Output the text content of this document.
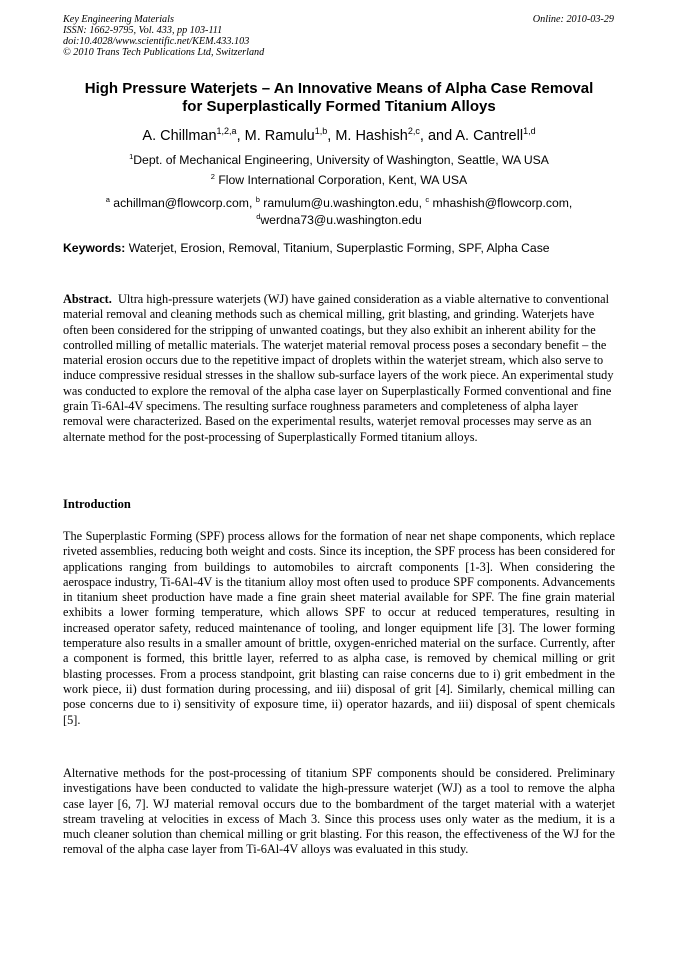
Key Engineering Materials
ISSN: 1662-9795, Vol. 433, pp 103-111
doi:10.4028/www.scientific.net/KEM.433.103
© 2010 Trans Tech Publications Ltd, Switzerland
Online: 2010-03-29
High Pressure Waterjets – An Innovative Means of Alpha Case Removal
for Superplastically Formed Titanium Alloys
A. Chillman$^{1,2,a}$, M. Ramulu$^{1,b}$, M. Hashish$^{2,c}$, and A. Cantrell$^{1,d}$
$^1$Dept. of Mechanical Engineering, University of Washington, Seattle, WA USA
$^2$ Flow International Corporation, Kent, WA USA
$^a$ achillman@flowcorp.com, $^b$ ramulum@u.washington.edu, $^c$ mhashish@flowcorp.com,
$^d$werdna73@u.washington.edu
Keywords: Waterjet, Erosion, Removal, Titanium, Superplastic Forming, SPF, Alpha Case
Abstract. Ultra high-pressure waterjets (WJ) have gained consideration as a viable alternative to conventional material removal and cleaning methods such as chemical milling, grit blasting, and grinding. Waterjets have often been considered for the stripping of unwanted coatings, but they also exhibit an inherent ability for the controlled milling of metallic materials. The waterjet material removal process poses a secondary benefit – the material erosion occurs due to the repetitive impact of droplets within the waterjet stream, which also serve to induce compressive residual stresses in the shallow sub-surface layers of the work piece. An experimental study was conducted to explore the removal of the alpha case layer on Superplastically Formed conventional and fine grain Ti-6Al-4V specimens. The resulting surface roughness parameters and completeness of alpha layer removal were characterized. Based on the experimental results, waterjet removal processes may serve as an alternate method for the post-processing of Superplastically Formed titanium alloys.
Introduction
The Superplastic Forming (SPF) process allows for the formation of near net shape components, which replace riveted assemblies, reducing both weight and costs. Since its inception, the SPF process has been considered for applications ranging from buildings to automobiles to aircraft components [1-3]. When considering the aerospace industry, Ti-6Al-4V is the titanium alloy most often used to produce SPF components. Advancements in titanium sheet production have made a fine grain sheet material available for SPF. The fine grain material exhibits a lower forming temperature, which allows SPF to occur at reduced temperatures, resulting in increased operator safety, reduced maintenance of tooling, and longer equipment life [3]. The lower forming temperature also results in a smaller amount of brittle, oxygen-enriched material on the surface. Currently, after a component is formed, this brittle layer, referred to as alpha case, is removed by chemical milling or grit blasting processes. From a process standpoint, grit blasting can raise concerns due to i) grit embedment in the work piece, ii) dust formation during processing, and iii) disposal of grit [4]. Similarly, chemical milling can pose concerns due to i) sensitivity of exposure time, ii) operator hazards, and iii) disposal of spent chemicals [5].
Alternative methods for the post-processing of titanium SPF components should be considered. Preliminary investigations have been conducted to validate the high-pressure waterjet (WJ) as a tool to remove the alpha case layer [6, 7]. WJ material removal occurs due to the bombardment of the target material with a waterjet stream traveling at velocities in excess of Mach 3. Since this process uses only water as the medium, it is a much cleaner solution than chemical milling or grit blasting. For this reason, the effectiveness of the WJ for the removal of the alpha case layer from Ti-6Al-4V alloys was evaluated in this study.
